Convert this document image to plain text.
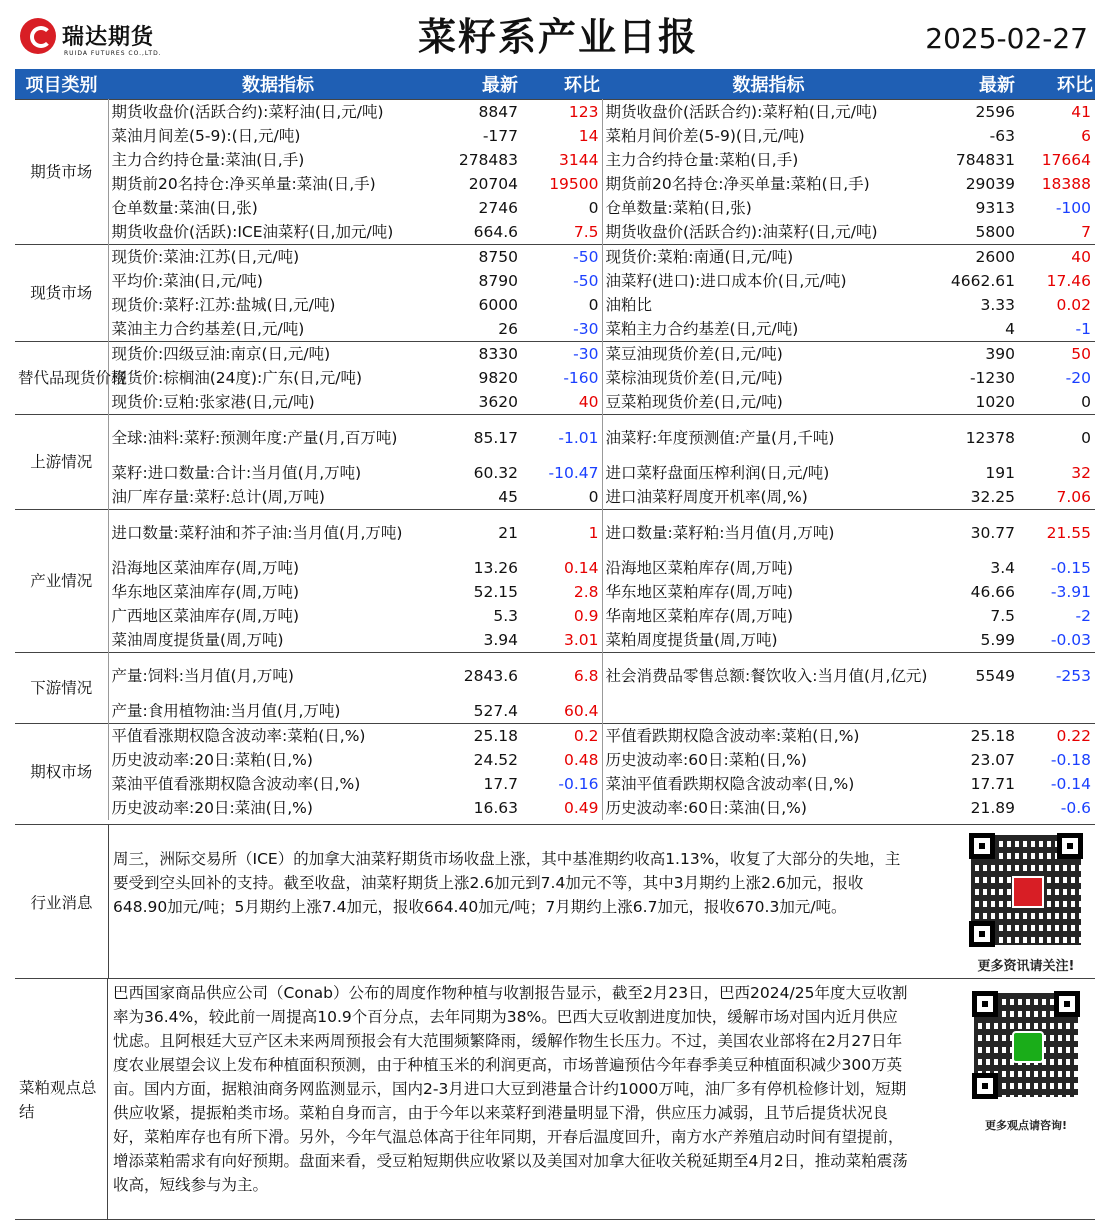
瑞达期货
RUIDA FUTURES CO.,LTD.	菜籽系产业日报	2025-02-27
项目类别	数据指标	最新	环比	数据指标	最新	环比
期货市场	期货收盘价(活跃合约):菜籽油(日,元/吨)	8847	123	期货收盘价(活跃合约):菜籽粕(日,元/吨)	2596	41
	菜油月间差(5-9):(日,元/吨)	-177	14	菜粕月间价差(5-9)(日,元/吨)	-63	6
	主力合约持仓量:菜油(日,手)	278483	3144	主力合约持仓量:菜粕(日,手)	784831	17664
	期货前20名持仓:净买单量:菜油(日,手)	20704	19500	期货前20名持仓:净买单量:菜粕(日,手)	29039	18388
	仓单数量:菜油(日,张)	2746	0	仓单数量:菜粕(日,张)	9313	-100
	期货收盘价(活跃):ICE油菜籽(日,加元/吨)	664.6	7.5	期货收盘价(活跃合约):油菜籽(日,元/吨)	5800	7
现货市场	现货价:菜油:江苏(日,元/吨)	8750	-50	现货价:菜粕:南通(日,元/吨)	2600	40
	平均价:菜油(日,元/吨)	8790	-50	油菜籽(进口):进口成本价(日,元/吨)	4662.61	17.46
	现货价:菜籽:江苏:盐城(日,元/吨)	6000	0	油粕比	3.33	0.02
	菜油主力合约基差(日,元/吨)	26	-30	菜粕主力合约基差(日,元/吨)	4	-1
替代品现货价格	现货价:四级豆油:南京(日,元/吨)	8330	-30	菜豆油现货价差(日,元/吨)	390	50
	现货价:棕榈油(24度):广东(日,元/吨)	9820	-160	菜棕油现货价差(日,元/吨)	-1230	-20
	现货价:豆粕:张家港(日,元/吨)	3620	40	豆菜粕现货价差(日,元/吨)	1020	0
上游情况	全球:油料:菜籽:预测年度:产量(月,百万吨)	85.17	-1.01	油菜籽:年度预测值:产量(月,千吨)	12378	0
	菜籽:进口数量:合计:当月值(月,万吨)	60.32	-10.47	进口菜籽盘面压榨利润(日,元/吨)	191	32
	油厂库存量:菜籽:总计(周,万吨)	45	0	进口油菜籽周度开机率(周,%)	32.25	7.06
产业情况	进口数量:菜籽油和芥子油:当月值(月,万吨)	21	1	进口数量:菜籽粕:当月值(月,万吨)	30.77	21.55
	沿海地区菜油库存(周,万吨)	13.26	0.14	沿海地区菜粕库存(周,万吨)	3.4	-0.15
	华东地区菜油库存(周,万吨)	52.15	2.8	华东地区菜粕库存(周,万吨)	46.66	-3.91
	广西地区菜油库存(周,万吨)	5.3	0.9	华南地区菜粕库存(周,万吨)	7.5	-2
	菜油周度提货量(周,万吨)	3.94	3.01	菜粕周度提货量(周,万吨)	5.99	-0.03
下游情况	产量:饲料:当月值(月,万吨)	2843.6	6.8	社会消费品零售总额:餐饮收入:当月值(月,亿元)	5549	-253
	产量:食用植物油:当月值(月,万吨)	527.4	60.4			
期权市场	平值看涨期权隐含波动率:菜粕(日,%)	25.18	0.2	平值看跌期权隐含波动率:菜粕(日,%)	25.18	0.22
	历史波动率:20日:菜粕(日,%)	24.52	0.48	历史波动率:60日:菜粕(日,%)	23.07	-0.18
	菜油平值看涨期权隐含波动率(日,%)	17.7	-0.16	菜油平值看跌期权隐含波动率(日,%)	17.71	-0.14
	历史波动率:20日:菜油(日,%)	16.63	0.49	历史波动率:60日:菜油(日,%)	21.89	-0.6
行业消息
周三，洲际交易所（ICE）的加拿大油菜籽期货市场收盘上涨，其中基准期约收高1.13%，收复了大部分的失地，主要受到空头回补的支持。截至收盘，油菜籽期货上涨2.6加元到7.4加元不等，其中3月期约上涨2.6加元，报收648.90加元/吨；5月期约上涨7.4加元，报收664.40加元/吨；7月期约上涨6.7加元，报收670.3加元/吨。
更多资讯请关注!
菜粕观点总结
巴西国家商品供应公司（Conab）公布的周度作物种植与收割报告显示，截至2月23日，巴西2024/25年度大豆收割率为36.4%，较此前一周提高10.9个百分点，去年同期为38%。巴西大豆收割进度加快，缓解市场对国内近月供应忧虑。且阿根廷大豆产区未来两周预报会有大范围频繁降雨，缓解作物生长压力。不过，美国农业部将在2月27日年度农业展望会议上发布种植面积预测，由于种植玉米的利润更高，市场普遍预估今年春季美豆种植面积减少300万英亩。国内方面，据粮油商务网监测显示，国内2-3月进口大豆到港量合计约1000万吨，油厂多有停机检修计划，短期供应收紧，提振粕类市场。菜粕自身而言，由于今年以来菜籽到港量明显下滑，供应压力减弱，且节后提货状况良好，菜粕库存也有所下滑。另外，今年气温总体高于往年同期，开春后温度回升，南方水产养殖启动时间有望提前，增添菜粕需求有向好预期。盘面来看，受豆粕短期供应收紧以及美国对加拿大征收关税延期至4月2日，推动菜粕震荡收高，短线参与为主。
更多观点请咨询!
